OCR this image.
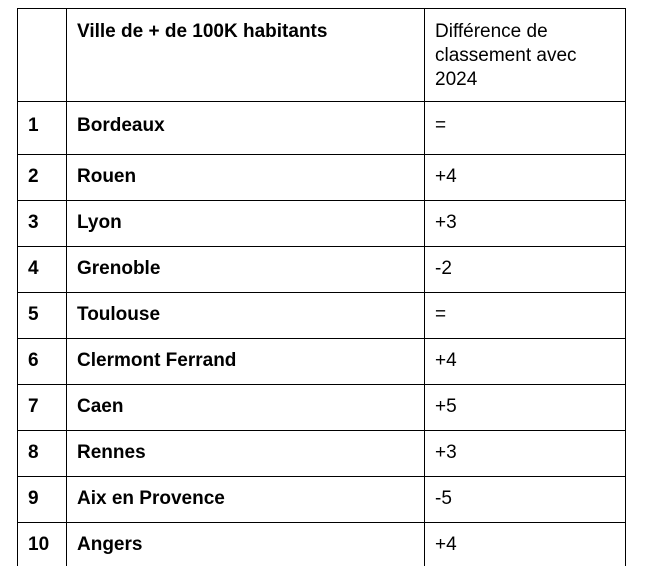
	Ville de + de 100K habitants	Différence de classement avec 2024
1	Bordeaux	=
2	Rouen	+4
3	Lyon	+3
4	Grenoble	-2
5	Toulouse	=
6	Clermont Ferrand	+4
7	Caen	+5
8	Rennes	+3
9	Aix en Provence	-5
10	Angers	+4
